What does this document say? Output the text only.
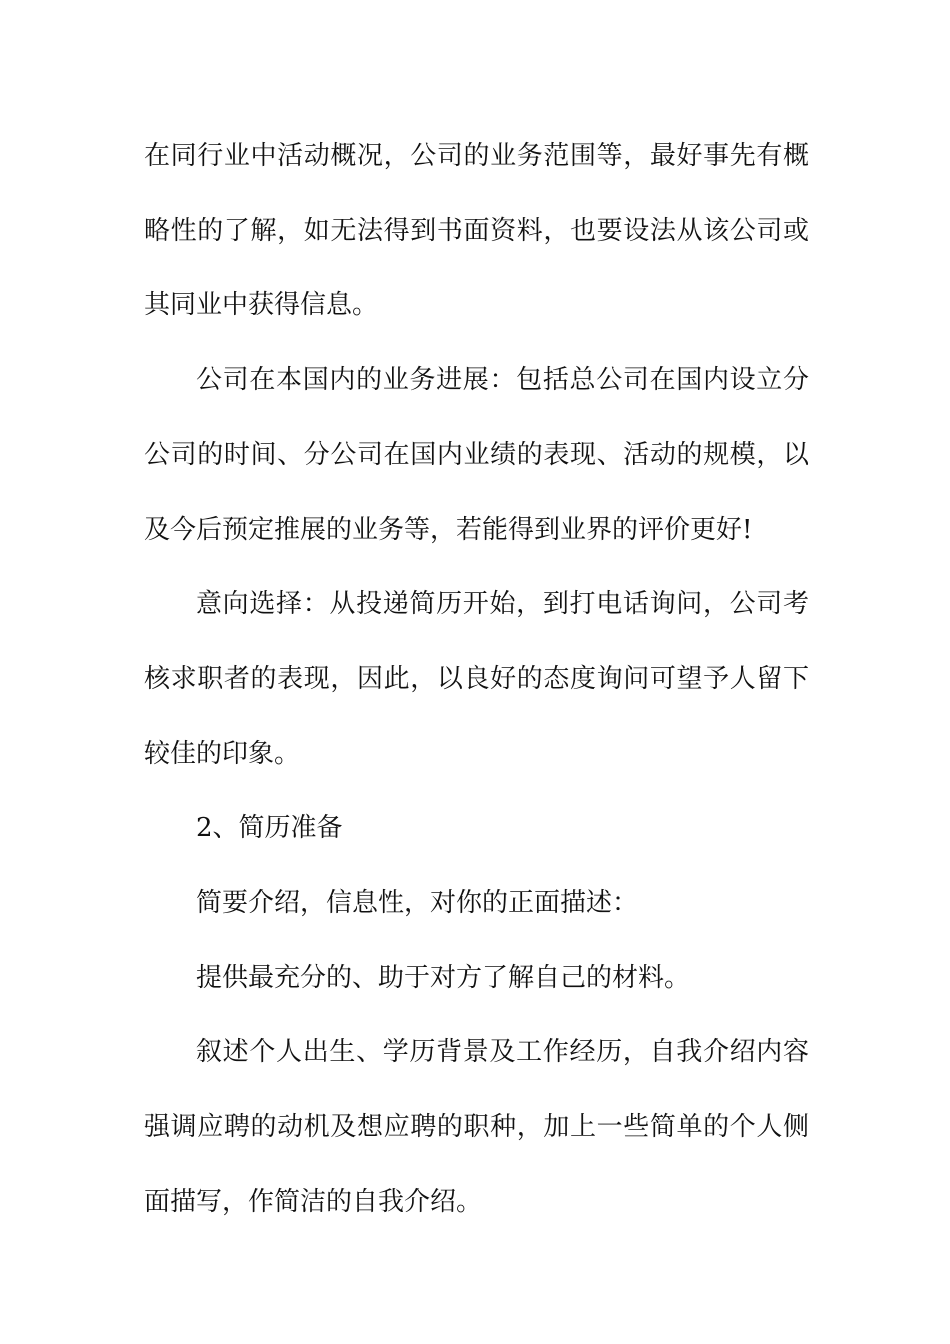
在同行业中活动概况，公司的业务范围等，最好事先有概略性的了解，如无法得到书面资料，也要设法从该公司或其同业中获得信息。

公司在本国内的业务进展：包括总公司在国内设立分公司的时间、分公司在国内业绩的表现、活动的规模，以及今后预定推展的业务等，若能得到业界的评价更好!

意向选择：从投递简历开始，到打电话询问，公司考核求职者的表现，因此，以良好的态度询问可望予人留下较佳的印象。

2、简历准备

简要介绍，信息性，对你的正面描述：

提供最充分的、助于对方了解自己的材料。

叙述个人出生、学历背景及工作经历，自我介绍内容强调应聘的动机及想应聘的职种，加上一些简单的个人侧面描写，作简洁的自我介绍。
